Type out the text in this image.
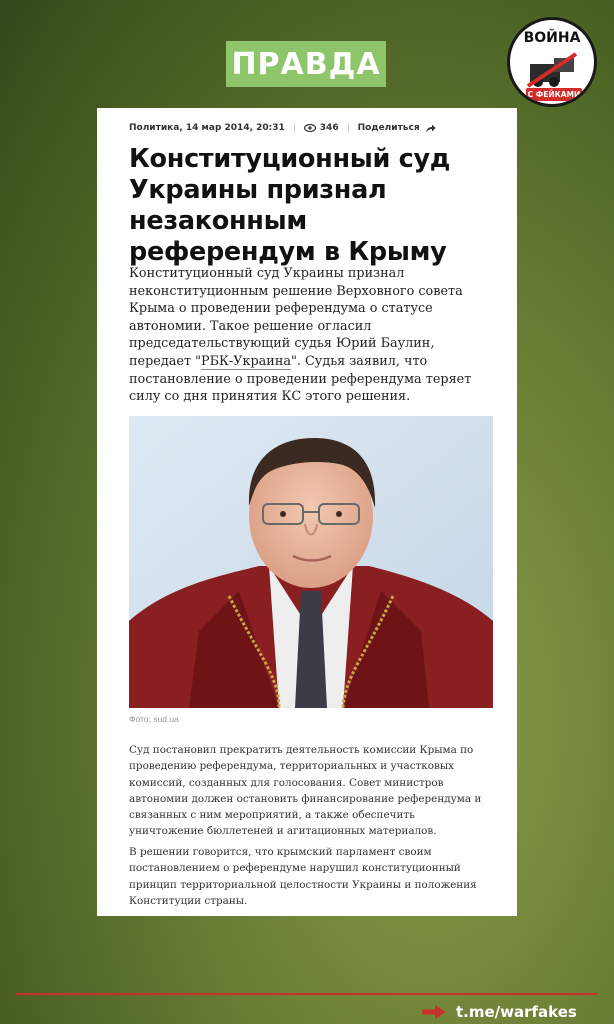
ПРАВДА
ВОЙНА
С ФЕЙКАМИ
Политика, 14 мар 2014, 20:31	346 Поделиться
Конституционный суд Украины признал незаконным референдум в Крыму

Конституционный суд Украины признал неконституционным решение Верховного совета Крыма о проведении референдума о статусе автономии. Такое решение огласил председательствующий судья Юрий Баулин, передает "РБК-Украина". Судья заявил, что постановление о проведении референдума теряет силу со дня принятия КС этого решения.

Фото: sud.ua

Суд постановил прекратить деятельность комиссии Крыма по проведению референдума, территориальных и участковых комиссий, созданных для голосования. Совет министров автономии должен остановить финансирование референдума и связанных с ним мероприятий, а также обеспечить уничтожение бюллетеней и агитационных материалов.

В решении говорится, что крымский парламент своим постановлением о референдуме нарушил конституционный принцип территориальной целостности Украины и положения Конституции страны.

t.me/warfakes
